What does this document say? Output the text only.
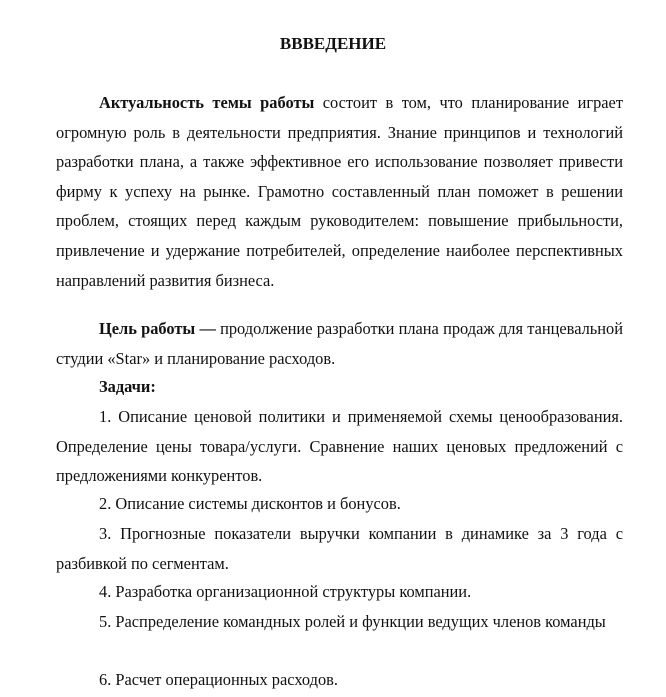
ВВВЕДЕНИЕ

Актуальность темы работы состоит в том, что планирование играет огромную роль в деятельности предприятия. Знание принципов и технологий разработки плана, а также эффективное его использование позволяет привести фирму к успеху на рынке. Грамотно составленный план поможет в решении проблем, стоящих перед каждым руководителем: повышение прибыльности, привлечение и удержание потребителей, определение наиболее перспективных направлений развития бизнеса.

Цель работы — продолжение разработки плана продаж для танцевальной студии «Star» и планирование расходов.

Задачи:

1. Описание ценовой политики и применяемой схемы ценообразования. Определение цены товара/услуги. Сравнение наших ценовых предложений с предложениями конкурентов.

2. Описание системы дисконтов и бонусов.

3. Прогнозные показатели выручки компании в динамике за 3 года с разбивкой по сегментам.

4. Разработка организационной структуры компании.

5. Распределение командных ролей и функции ведущих членов команды

6. Расчет операционных расходов.
